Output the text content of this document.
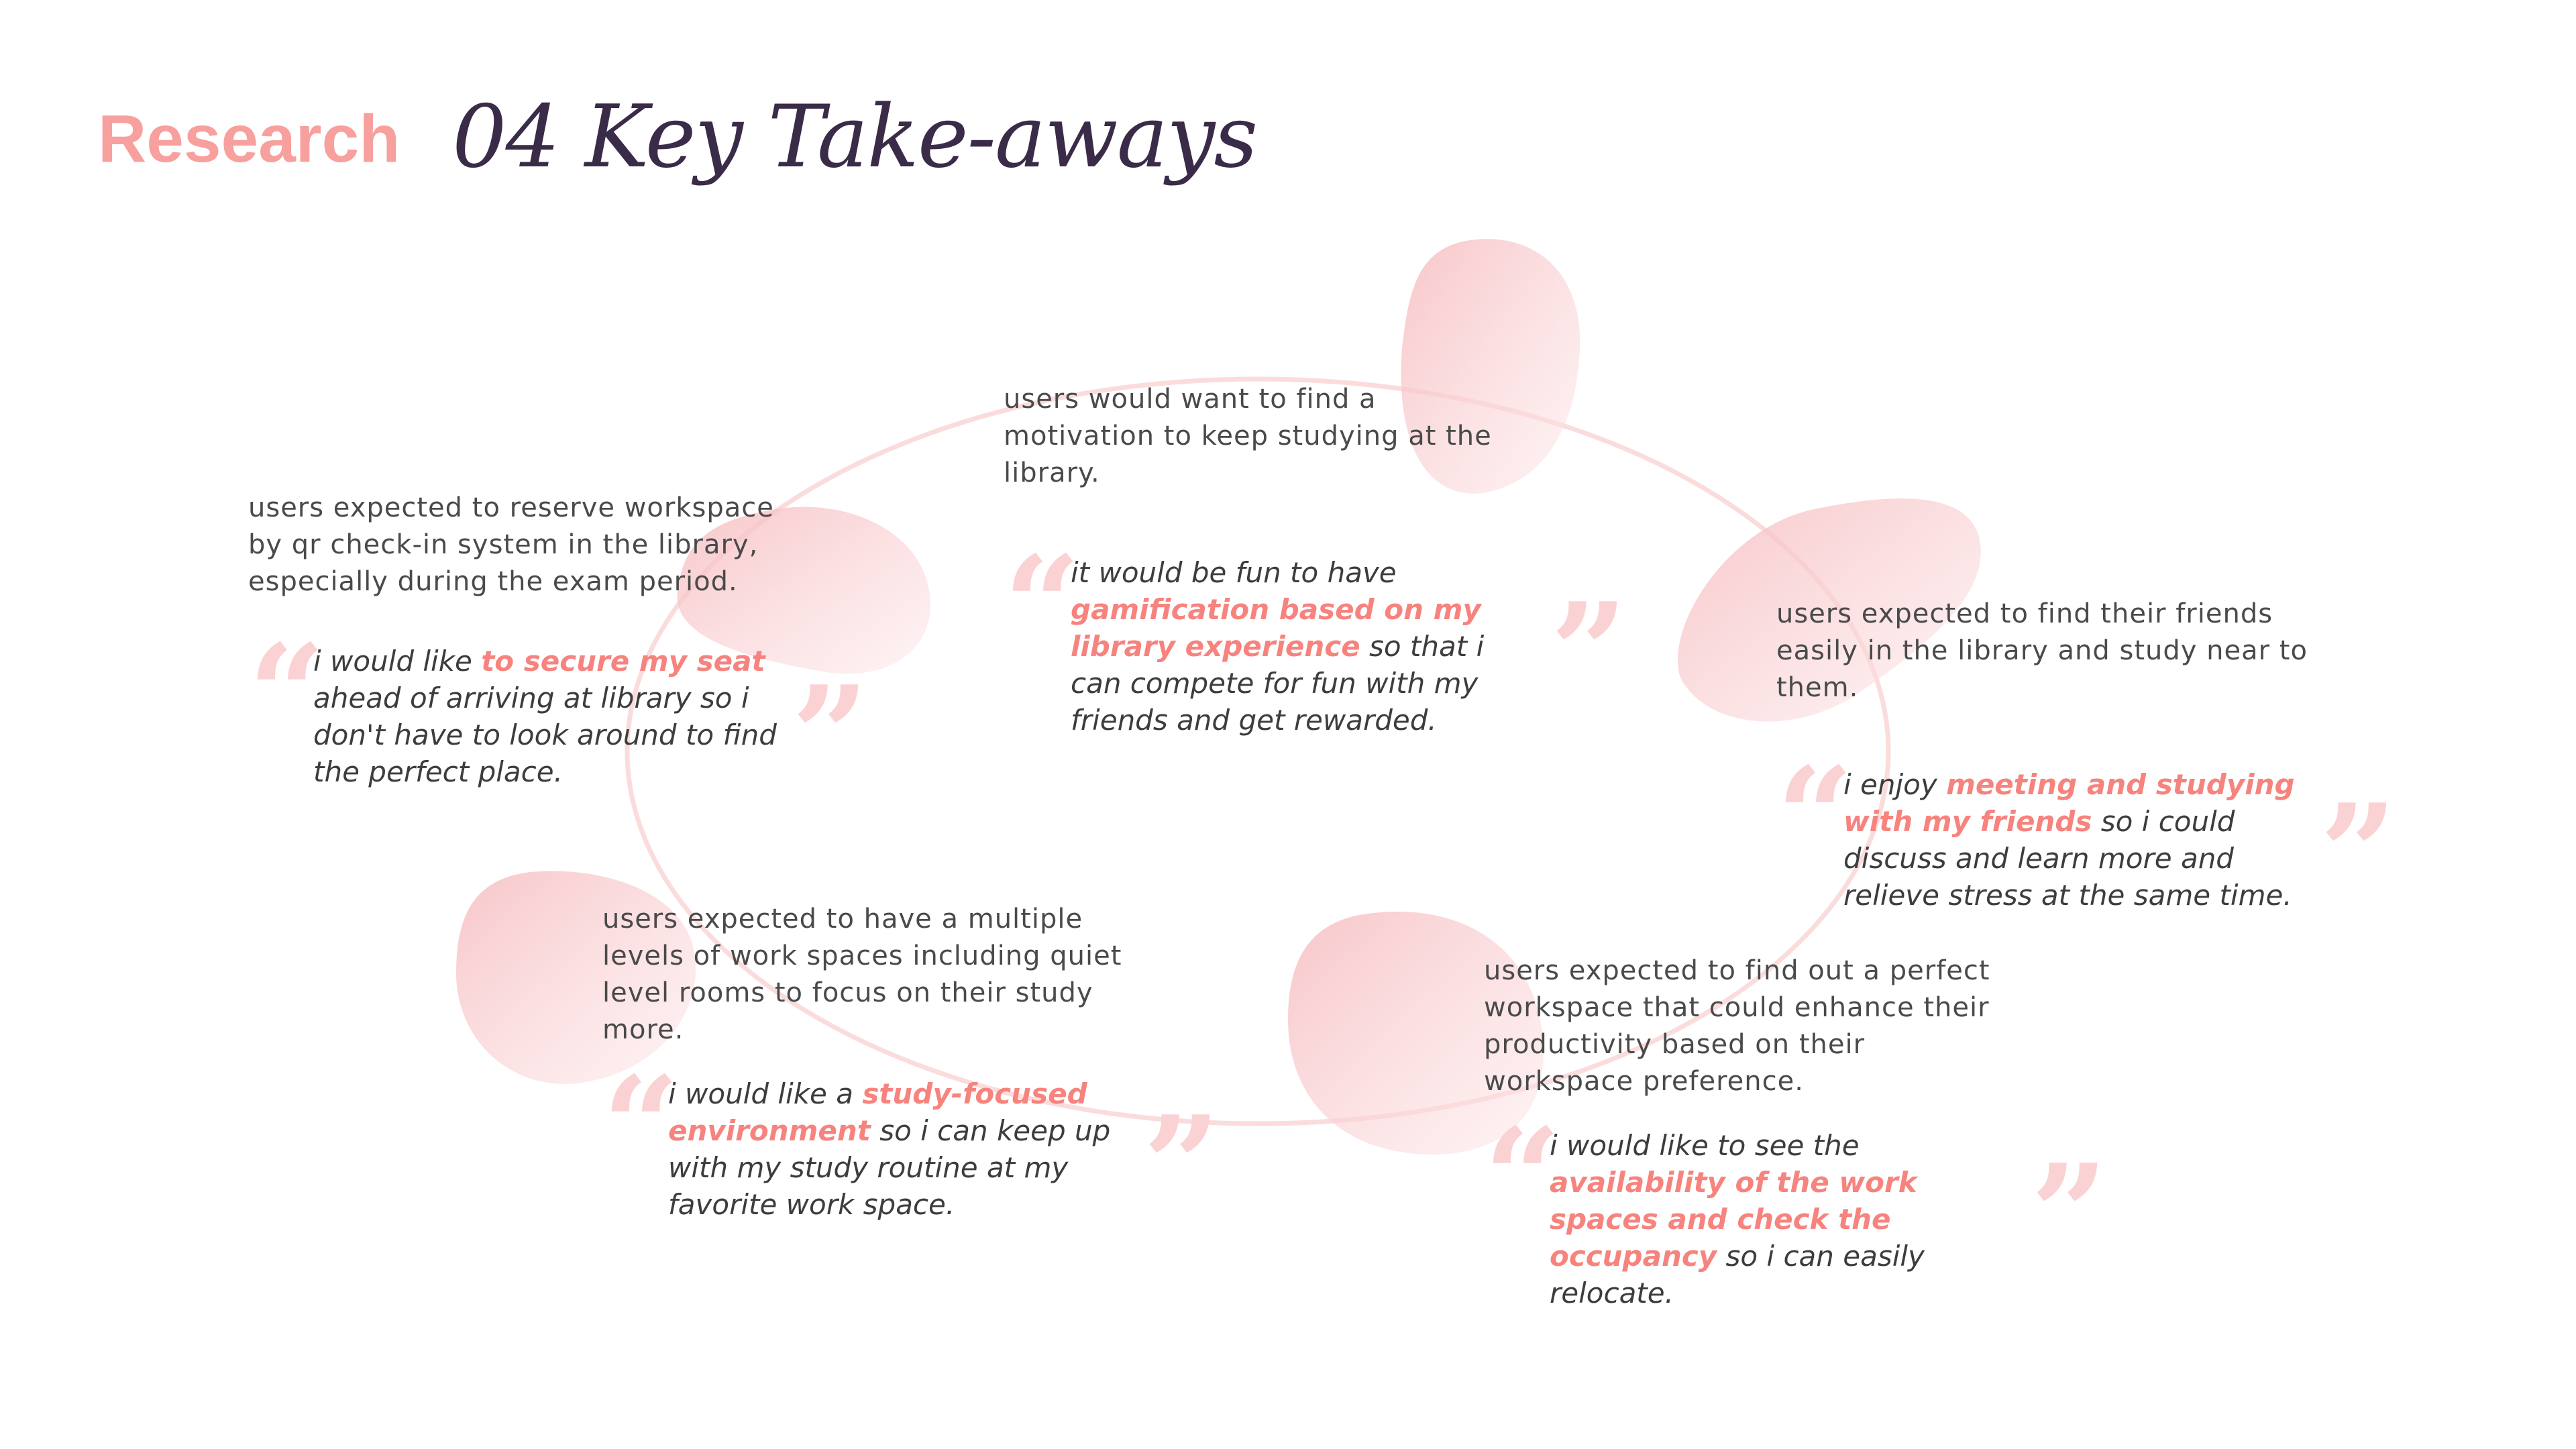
Research 04 Key Take-aways
users expected to reserve workspace by qr check-in system in the library, especially during the exam period.
“
i would like to secure my seat ahead of arriving at library so i don't have to look around to find the perfect place.	”
users would want to find a motivation to keep studying at the library.
“
it would be fun to have gamification based on my library experience so that i can compete for fun with my friends and get rewarded. ”	users expected to find their friends easily in the library and study near to them.
“
i enjoy meeting and studying with my friends so i could discuss and learn more and relieve stress at the same time. ”
users expected to have a multiple levels of work spaces including quiet level rooms to focus on their study more.
“
i would like a study-focused environment so i can keep up with my study routine at my favorite work space.	”
users expected to find out a perfect workspace that could enhance their productivity based on their workspace preference.
“
i would like to see the availability of the work spaces and check the occupancy so i can easily relocate.
”
